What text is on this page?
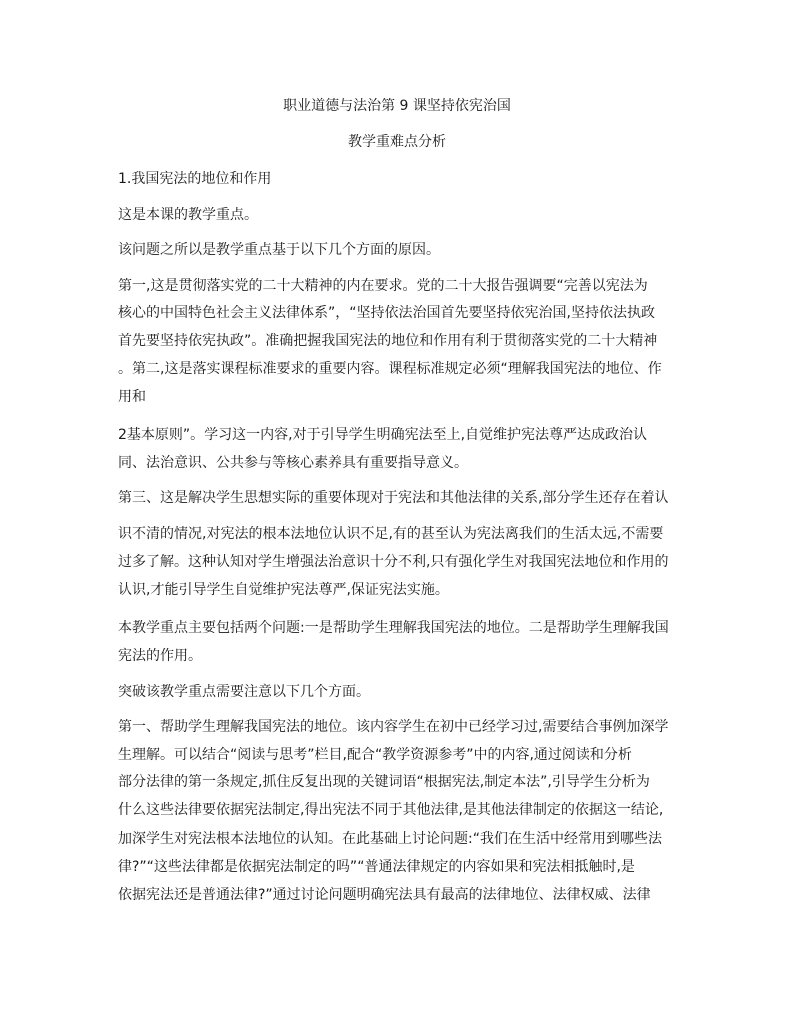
职业道德与法治第 9 课坚持依宪治国
教学重难点分析
1.我国宪法的地位和作用
这是本课的教学重点。
该问题之所以是教学重点基于以下几个方面的原因。
第一,这是贯彻落实党的二十大精神的内在要求。党的二十大报告强调要“完善以宪法为
核心的中国特色社会主义法律体系”，“坚持依法治国首先要坚持依宪治国,坚持依法执政
首先要坚持依宪执政”。准确把握我国宪法的地位和作用有利于贯彻落实党的二十大精神
。第二,这是落实课程标准要求的重要内容。课程标准规定必须“理解我国宪法的地位、作
用和
2基本原则”。学习这一内容,对于引导学生明确宪法至上,自觉维护宪法尊严达成政治认
同、法治意识、公共参与等核心素养具有重要指导意义。
第三、这是解决学生思想实际的重要体现对于宪法和其他法律的关系,部分学生还存在着认
识不清的情况,对宪法的根本法地位认识不足,有的甚至认为宪法离我们的生活太远,不需要
过多了解。这种认知对学生增强法治意识十分不利,只有强化学生对我国宪法地位和作用的
认识,才能引导学生自觉维护宪法尊严,保证宪法实施。
本教学重点主要包括两个问题:一是帮助学生理解我国宪法的地位。二是帮助学生理解我国
宪法的作用。
突破该教学重点需要注意以下几个方面。
第一、帮助学生理解我国宪法的地位。该内容学生在初中已经学习过,需要结合事例加深学
生理解。可以结合“阅读与思考”栏目,配合“教学资源参考”中的内容,通过阅读和分析
部分法律的第一条规定,抓住反复出现的关键词语“根据宪法,制定本法”,引导学生分析为
什么这些法律要依据宪法制定,得出宪法不同于其他法律,是其他法律制定的依据这一结论,
加深学生对宪法根本法地位的认知。在此基础上讨论问题:“我们在生活中经常用到哪些法
律?”“这些法律都是依据宪法制定的吗”“普通法律规定的内容如果和宪法相抵触时,是
依据宪法还是普通法律?”通过讨论问题明确宪法具有最高的法律地位、法律权威、法律
